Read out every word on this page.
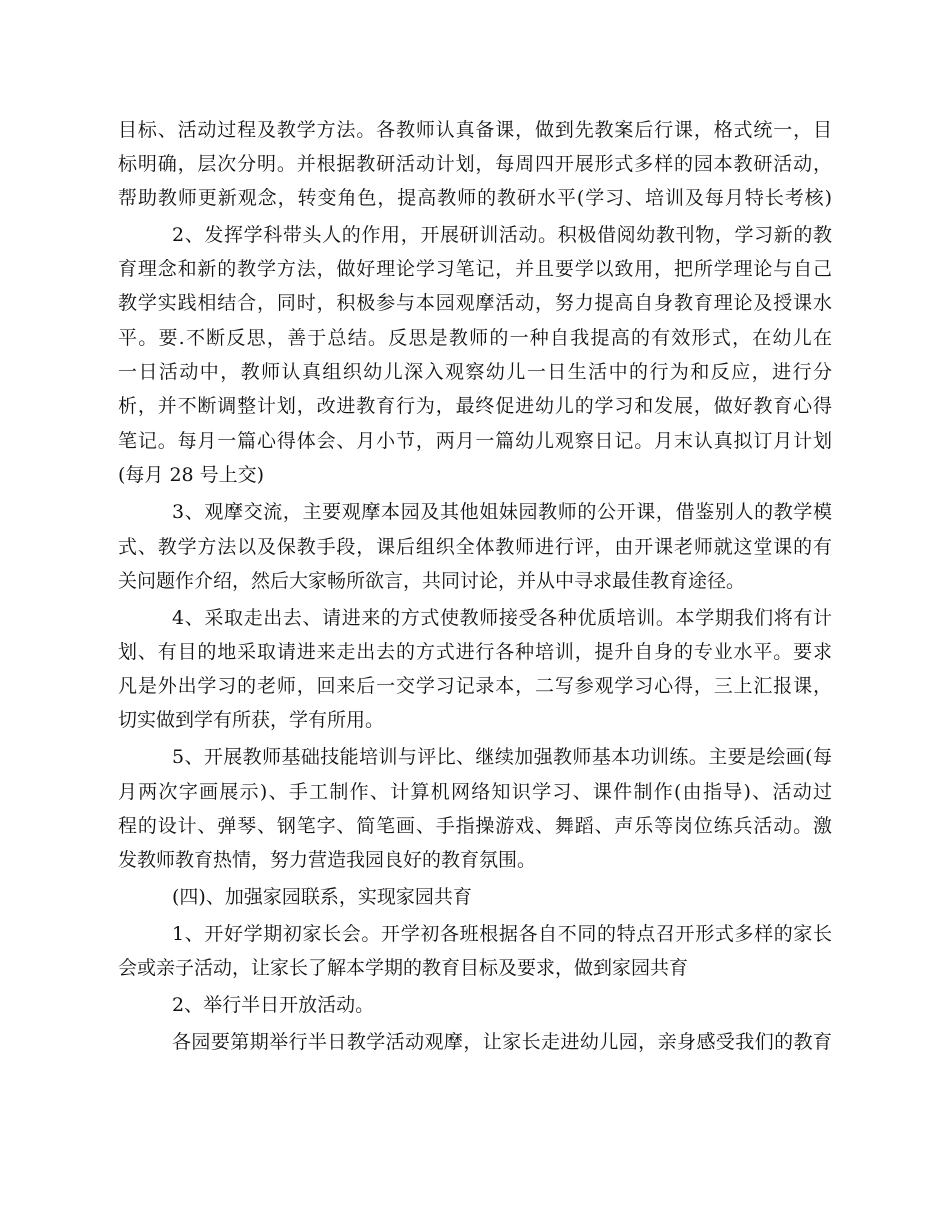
目标、活动过程及教学方法。各教师认真备课，做到先教案后行课，格式统一，目
标明确，层次分明。并根据教研活动计划，每周四开展形式多样的园本教研活动，
帮助教师更新观念，转变角色，提高教师的教研水平(学习、培训及每月特长考核)
2、发挥学科带头人的作用，开展研训活动。积极借阅幼教刊物，学习新的教
育理念和新的教学方法，做好理论学习笔记，并且要学以致用，把所学理论与自己
教学实践相结合，同时，积极参与本园观摩活动，努力提高自身教育理论及授课水
平。要.不断反思，善于总结。反思是教师的一种自我提高的有效形式，在幼儿在
一日活动中，教师认真组织幼儿深入观察幼儿一日生活中的行为和反应，进行分
析，并不断调整计划，改进教育行为，最终促进幼儿的学习和发展，做好教育心得
笔记。每月一篇心得体会、月小节，两月一篇幼儿观察日记。月末认真拟订月计划
(每月 28 号上交)
3、观摩交流，主要观摩本园及其他姐妹园教师的公开课，借鉴别人的教学模
式、教学方法以及保教手段，课后组织全体教师进行评，由开课老师就这堂课的有
关问题作介绍，然后大家畅所欲言，共同讨论，并从中寻求最佳教育途径。
4、采取走出去、请进来的方式使教师接受各种优质培训。本学期我们将有计
划、有目的地采取请进来走出去的方式进行各种培训，提升自身的专业水平。要求
凡是外出学习的老师，回来后一交学习记录本，二写参观学习心得，三上汇报课，
切实做到学有所获，学有所用。
5、开展教师基础技能培训与评比、继续加强教师基本功训练。主要是绘画(每
月两次字画展示)、手工制作、计算机网络知识学习、课件制作(由指导)、活动过
程的设计、弹琴、钢笔字、简笔画、手指操游戏、舞蹈、声乐等岗位练兵活动。激
发教师教育热情，努力营造我园良好的教育氛围。
(四)、加强家园联系，实现家园共育
1、开好学期初家长会。开学初各班根据各自不同的特点召开形式多样的家长
会或亲子活动，让家长了解本学期的教育目标及要求，做到家园共育
2、举行半日开放活动。
各园要第期举行半日教学活动观摩，让家长走进幼儿园，亲身感受我们的教育
